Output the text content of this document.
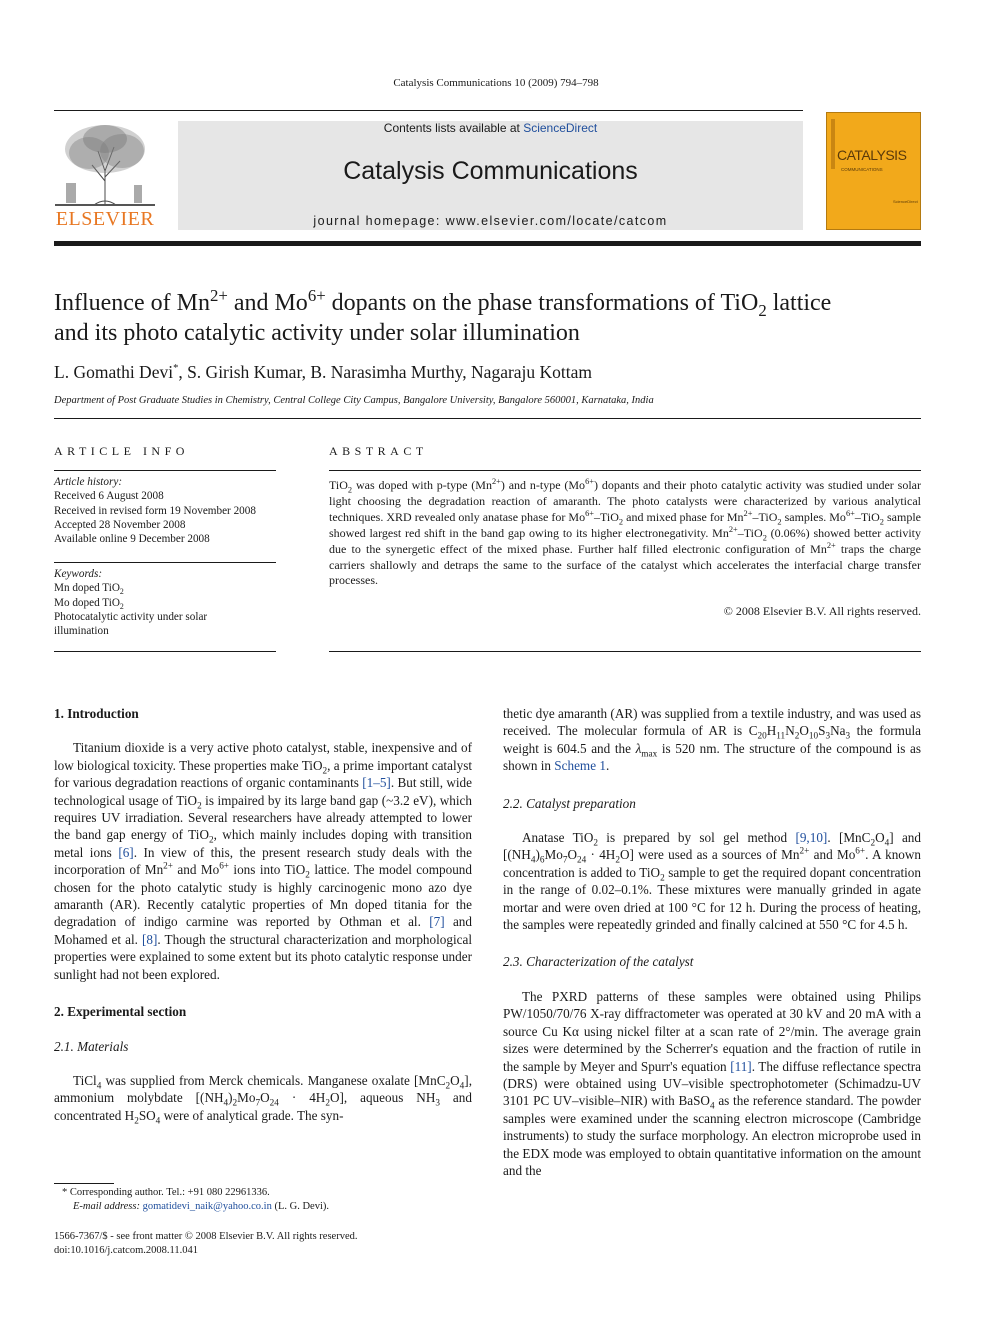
Catalysis Communications 10 (2009) 794–798
ELSEVIER
Contents lists available at ScienceDirect
Catalysis Communications
journal homepage: www.elsevier.com/locate/catcom
CATALYSIS
COMMUNICATIONS
ScienceDirect
Influence of $Mn^{2+}$ and $Mo^{6+}$ dopants on the phase transformations of TiO$_2$ lattice
and its photo catalytic activity under solar illumination
L. Gomathi Devi*, S. Girish Kumar, B. Narasimha Murthy, Nagaraju Kottam
Department of Post Graduate Studies in Chemistry, Central College City Campus, Bangalore University, Bangalore 560001, Karnataka, India
ARTICLE INFO
Article history:
Received 6 August 2008
Received in revised form 19 November 2008
Accepted 28 November 2008
Available online 9 December 2008
Keywords:
Mn doped TiO$_2$
Mo doped TiO$_2$
Photocatalytic activity under solar
illumination
ABSTRACT
TiO$_2$ was doped with p-type $(Mn^{2+})$ and n-type $(Mo^{6+})$ dopants and their photo catalytic activity was studied under solar light choosing the degradation reaction of amaranth. The photo catalysts were characterized by various analytical techniques. XRD revealed only anatase phase for $Mo^{6+}-TiO_2$ and mixed phase for $Mn^{2+}-TiO_2$ samples. $Mo^{6+}-TiO_2$ sample showed largest red shift in the band gap owing to its higher electronegativity. $Mn^{2+}-TiO_2$ (0.06%) showed better activity due to the synergetic effect of the mixed phase. Further half filled electronic configuration of $Mn^{2+}$ traps the charge carriers shallowly and detraps the same to the surface of the catalyst which accelerates the interfacial charge transfer processes.
© 2008 Elsevier B.V. All rights reserved.
1. Introduction

Titanium dioxide is a very active photo catalyst, stable, inexpensive and of low biological toxicity. These properties make TiO$_2$, a prime important catalyst for various degradation reactions of organic contaminants [1–5]. But still, wide technological usage of TiO$_2$ is impaired by its large band gap (~3.2 eV), which requires UV irradiation. Several researchers have already attempted to lower the band gap energy of TiO$_2$, which mainly includes doping with transition metal ions [6]. In view of this, the present research study deals with the incorporation of $Mn^{2+}$ and $Mo^{6+}$ ions into TiO$_2$ lattice. The model compound chosen for the photo catalytic study is highly carcinogenic mono azo dye amaranth (AR). Recently catalytic properties of Mn doped titania for the degradation of indigo carmine was reported by Othman et al. [7] and Mohamed et al. [8]. Though the structural characterization and morphological properties were explained to some extent but its photo catalytic response under sunlight had not been explored.

2. Experimental section
2.1. Materials

TiCl$_4$ was supplied from Merck chemicals. Manganese oxalate $[MnC_2O_4]$, ammonium molybdate $[(NH_4)_2Mo_7O_{24} \cdot 4H_2O]$, aqueous $NH_3$ and concentrated $H_2SO_4$ were of analytical grade. The syn-

* Corresponding author. Tel.: +91 080 22961336.
E-mail address: gomatidevi_naik@yahoo.co.in (L. G. Devi).
1566-7367/$ - see front matter © 2008 Elsevier B.V. All rights reserved.
doi:10.1016/j.catcom.2008.11.041

thetic dye amaranth (AR) was supplied from a textile industry, and was used as received. The molecular formula of AR is $C_{20}H_{11}N_2O_{10}S_3Na_3$ the formula weight is 604.5 and the $\lambda_{max}$ is 520 nm. The structure of the compound is as shown in Scheme 1.

2.2. Catalyst preparation

Anatase TiO$_2$ is prepared by sol gel method [9,10]. $[MnC_2O_4]$ and $[(NH_4)_6Mo_7O_{24} \cdot 4H_2O]$ were used as a sources of $Mn^{2+}$ and $Mo^{6+}$. A known concentration is added to TiO$_2$ sample to get the required dopant concentration in the range of 0.02–0.1%. These mixtures were manually grinded in agate mortar and were oven dried at 100 °C for 12 h. During the process of heating, the samples were repeatedly grinded and finally calcined at 550 °C for 4.5 h.

2.3. Characterization of the catalyst

The PXRD patterns of these samples were obtained using Philips PW/1050/70/76 X-ray diffractometer was operated at 30 kV and 20 mA with a source Cu Kα using nickel filter at a scan rate of 2°/min. The average grain sizes were determined by the Scherrer's equation and the fraction of rutile in the sample by Meyer and Spurr's equation [11]. The diffuse reflectance spectra (DRS) were obtained using UV–visible spectrophotometer (Schimadzu-UV 3101 PC UV–visible–NIR) with BaSO$_4$ as the reference standard. The powder samples were examined under the scanning electron microscope (Cambridge instruments) to study the surface morphology. An electron microprobe used in the EDX mode was employed to obtain quantitative information on the amount and the
